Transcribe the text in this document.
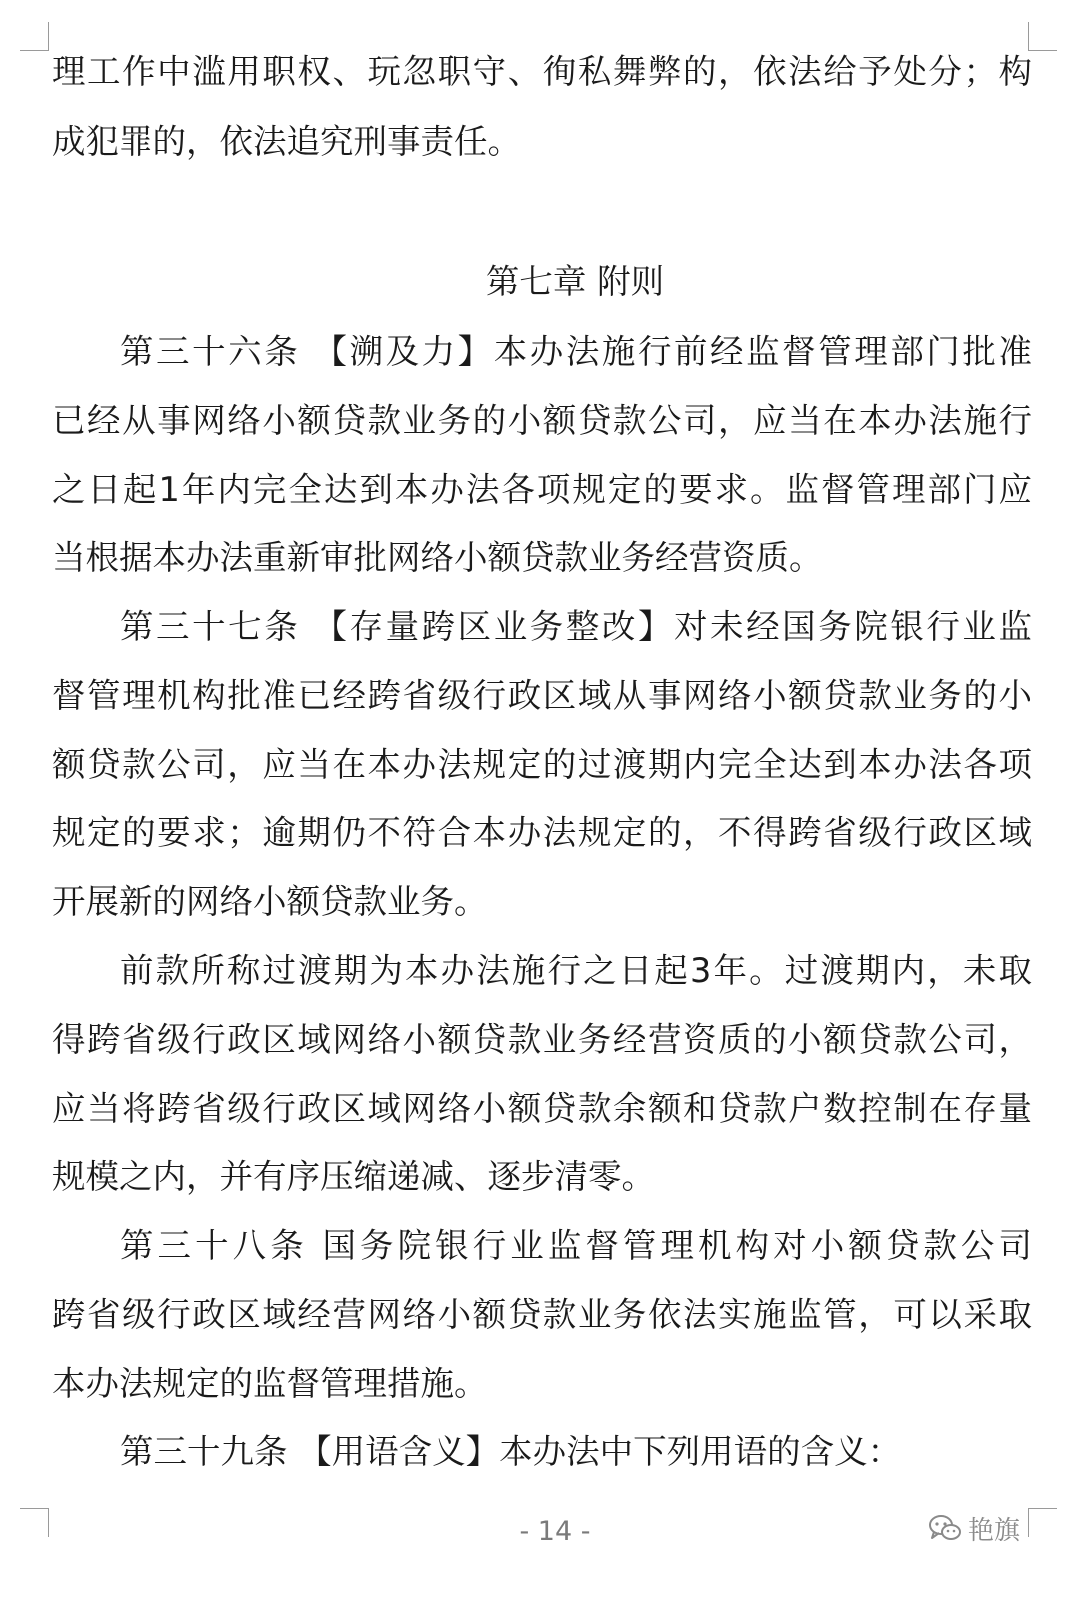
理工作中滥用职权、玩忽职守、徇私舞弊的，依法给予处分；构
成犯罪的，依法追究刑事责任。
第七章 附则
第三十六条 【溯及力】本办法施行前经监督管理部门批准
已经从事网络小额贷款业务的小额贷款公司，应当在本办法施行
之日起1年内完全达到本办法各项规定的要求。监督管理部门应
当根据本办法重新审批网络小额贷款业务经营资质。
第三十七条 【存量跨区业务整改】对未经国务院银行业监
督管理机构批准已经跨省级行政区域从事网络小额贷款业务的小
额贷款公司，应当在本办法规定的过渡期内完全达到本办法各项
规定的要求；逾期仍不符合本办法规定的，不得跨省级行政区域
开展新的网络小额贷款业务。
前款所称过渡期为本办法施行之日起3年。过渡期内，未取
得跨省级行政区域网络小额贷款业务经营资质的小额贷款公司，
应当将跨省级行政区域网络小额贷款余额和贷款户数控制在存量
规模之内，并有序压缩递减、逐步清零。
第三十八条 国务院银行业监督管理机构对小额贷款公司
跨省级行政区域经营网络小额贷款业务依法实施监管，可以采取
本办法规定的监督管理措施。
第三十九条 【用语含义】本办法中下列用语的含义：
- 14 -	艳旗
